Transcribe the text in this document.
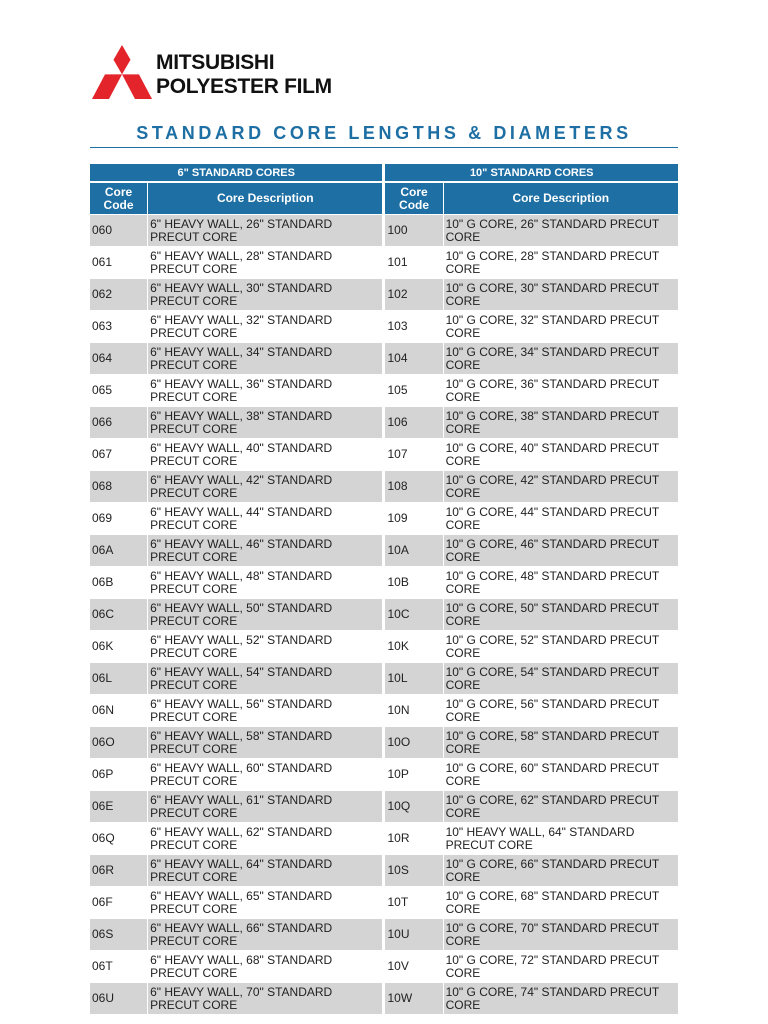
MITSUBISHI
POLYESTER FILM
STANDARD CORE LENGTHS & DIAMETERS
6" STANDARD CORES			10" STANDARD CORES	
Core Code	Core Description		Core Code	Core Description
060	6" HEAVY WALL, 26" STANDARD PRECUT CORE		100	10" G CORE, 26" STANDARD PRECUT CORE
061	6" HEAVY WALL, 28" STANDARD PRECUT CORE		101	10" G CORE, 28" STANDARD PRECUT CORE
062	6" HEAVY WALL, 30" STANDARD PRECUT CORE		102	10" G CORE, 30" STANDARD PRECUT CORE
063	6" HEAVY WALL, 32" STANDARD PRECUT CORE		103	10" G CORE, 32" STANDARD PRECUT CORE
064	6" HEAVY WALL, 34" STANDARD PRECUT CORE		104	10" G CORE, 34" STANDARD PRECUT CORE
065	6" HEAVY WALL, 36" STANDARD PRECUT CORE		105	10" G CORE, 36" STANDARD PRECUT CORE
066	6" HEAVY WALL, 38" STANDARD PRECUT CORE		106	10" G CORE, 38" STANDARD PRECUT CORE
067	6" HEAVY WALL, 40" STANDARD PRECUT CORE		107	10" G CORE, 40" STANDARD PRECUT CORE
068	6" HEAVY WALL, 42" STANDARD PRECUT CORE		108	10" G CORE, 42" STANDARD PRECUT CORE
069	6" HEAVY WALL, 44" STANDARD PRECUT CORE		109	10" G CORE, 44" STANDARD PRECUT CORE
06A	6" HEAVY WALL, 46" STANDARD PRECUT CORE		10A	10" G CORE, 46" STANDARD PRECUT CORE
06B	6" HEAVY WALL, 48" STANDARD PRECUT CORE		10B	10" G CORE, 48" STANDARD PRECUT CORE
06C	6" HEAVY WALL, 50" STANDARD PRECUT CORE		10C	10" G CORE, 50" STANDARD PRECUT CORE
06K	6" HEAVY WALL, 52" STANDARD PRECUT CORE		10K	10" G CORE, 52" STANDARD PRECUT CORE
06L	6" HEAVY WALL, 54" STANDARD PRECUT CORE		10L	10" G CORE, 54" STANDARD PRECUT CORE
06N	6" HEAVY WALL, 56" STANDARD PRECUT CORE		10N	10" G CORE, 56" STANDARD PRECUT CORE
06O	6" HEAVY WALL, 58" STANDARD PRECUT CORE		10O	10" G CORE, 58" STANDARD PRECUT CORE
06P	6" HEAVY WALL, 60" STANDARD PRECUT CORE		10P	10" G CORE, 60" STANDARD PRECUT CORE
06E	6" HEAVY WALL, 61" STANDARD PRECUT CORE		10Q	10" G CORE, 62" STANDARD PRECUT CORE
06Q	6" HEAVY WALL, 62" STANDARD PRECUT CORE		10R	10" HEAVY WALL, 64" STANDARD PRECUT CORE
06R	6" HEAVY WALL, 64" STANDARD PRECUT CORE		10S	10" G CORE, 66" STANDARD PRECUT CORE
06F	6" HEAVY WALL, 65" STANDARD PRECUT CORE		10T	10" G CORE, 68" STANDARD PRECUT CORE
06S	6" HEAVY WALL, 66" STANDARD PRECUT CORE		10U	10" G CORE, 70" STANDARD PRECUT CORE
06T	6" HEAVY WALL, 68" STANDARD PRECUT CORE		10V	10" G CORE, 72" STANDARD PRECUT CORE
06U	6" HEAVY WALL, 70" STANDARD PRECUT CORE		10W	10" G CORE, 74" STANDARD PRECUT CORE
